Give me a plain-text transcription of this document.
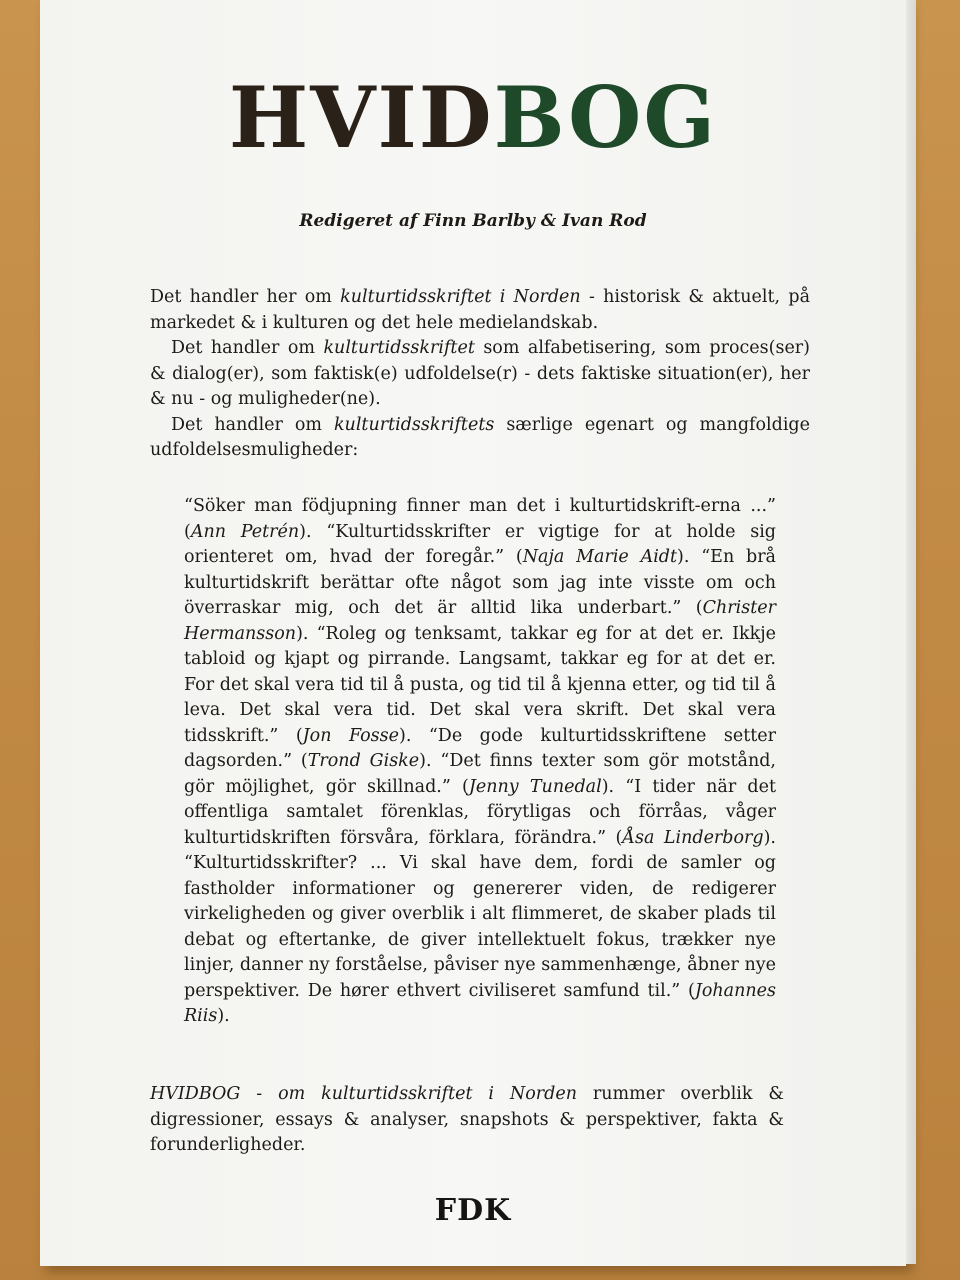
HVIDBOG
Redigeret af Finn Barlby & Ivan Rod

Det handler her om kulturtidsskriftet i Norden - historisk & aktuelt, på markedet & i kulturen og det hele medielandskab.

Det handler om kulturtidsskriftet som alfabetisering, som proces(ser) & dialog(er), som faktisk(e) udfoldelse(r) - dets faktiske situation(er), her & nu - og muligheder(ne).

Det handler om kulturtidsskriftets særlige egenart og mangfoldige udfoldelsesmuligheder:

“Söker man födjupning finner man det i kulturtidskrift-erna ...” (Ann Petrén). “Kulturtidsskrifter er vigtige for at holde sig orienteret om, hvad der foregår.” (Naja Marie Aidt). “En brå kulturtidskrift berättar ofte något som jag inte visste om och överraskar mig, och det är alltid lika underbart.” (Christer Hermansson). “Roleg og tenksamt, takkar eg for at det er. Ikkje tabloid og kjapt og pirrande. Langsamt, takkar eg for at det er. For det skal vera tid til å pusta, og tid til å kjenna etter, og tid til å leva. Det skal vera tid. Det skal vera skrift. Det skal vera tidsskrift.” (Jon Fosse). “De gode kulturtidsskriftene setter dagsorden.” (Trond Giske). “Det finns texter som gör motstånd, gör möjlighet, gör skillnad.” (Jenny Tunedal). “I tider när det offentliga samtalet förenklas, förytligas och förråas, våger kulturtidskriften försvåra, förklara, förändra.” (Åsa Linderborg). “Kulturtidsskrifter? ... Vi skal have dem, fordi de samler og fastholder informationer og genererer viden, de redigerer virkeligheden og giver overblik i alt flimmeret, de skaber plads til debat og eftertanke, de giver intellektuelt fokus, trækker nye linjer, danner ny forståelse, påviser nye sammenhænge, åbner nye perspektiver. De hører ethvert civiliseret samfund til.” (Johannes Riis).

HVIDBOG - om kulturtidsskriftet i Norden rummer overblik & digressioner, essays & analyser, snapshots & perspektiver, fakta & forunderligheder.

FDK
